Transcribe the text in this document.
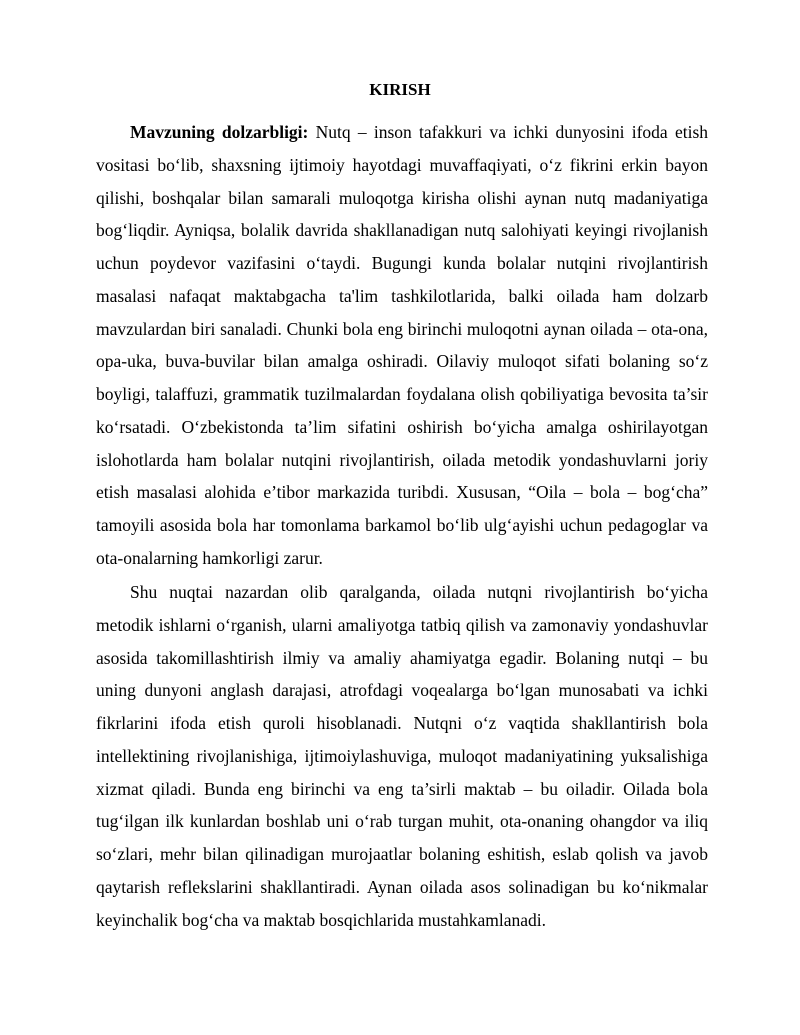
KIRISH

Mavzuning dolzarbligi: Nutq – inson tafakkuri va ichki dunyosini ifoda etish vositasi bo‘lib, shaxsning ijtimoiy hayotdagi muvaffaqiyati, o‘z fikrini erkin bayon qilishi, boshqalar bilan samarali muloqotga kirisha olishi aynan nutq madaniyatiga bog‘liqdir. Ayniqsa, bolalik davrida shakllanadigan nutq salohiyati keyingi rivojlanish uchun poydevor vazifasini o‘taydi. Bugungi kunda bolalar nutqini rivojlantirish masalasi nafaqat maktabgacha ta'lim tashkilotlarida, balki oilada ham dolzarb mavzulardan biri sanaladi. Chunki bola eng birinchi muloqotni aynan oilada – ota-ona, opa-uka, buva-buvilar bilan amalga oshiradi. Oilaviy muloqot sifati bolaning so‘z boyligi, talaffuzi, grammatik tuzilmalardan foydalana olish qobiliyatiga bevosita ta’sir ko‘rsatadi. O‘zbekistonda ta’lim sifatini oshirish bo‘yicha amalga oshirilayotgan islohotlarda ham bolalar nutqini rivojlantirish, oilada metodik yondashuvlarni joriy etish masalasi alohida e’tibor markazida turibdi. Xususan, “Oila – bola – bog‘cha” tamoyili asosida bola har tomonlama barkamol bo‘lib ulg‘ayishi uchun pedagoglar va ota-onalarning hamkorligi zarur.

Shu nuqtai nazardan olib qaralganda, oilada nutqni rivojlantirish bo‘yicha metodik ishlarni o‘rganish, ularni amaliyotga tatbiq qilish va zamonaviy yondashuvlar asosida takomillashtirish ilmiy va amaliy ahamiyatga egadir. Bolaning nutqi – bu uning dunyoni anglash darajasi, atrofdagi voqealarga bo‘lgan munosabati va ichki fikrlarini ifoda etish quroli hisoblanadi. Nutqni o‘z vaqtida shakllantirish bola intellektining rivojlanishiga, ijtimoiylashuviga, muloqot madaniyatining yuksalishiga xizmat qiladi. Bunda eng birinchi va eng ta’sirli maktab – bu oiladir. Oilada bola tug‘ilgan ilk kunlardan boshlab uni o‘rab turgan muhit, ota-onaning ohangdor va iliq so‘zlari, mehr bilan qilinadigan murojaatlar bolaning eshitish, eslab qolish va javob qaytarish reflekslarini shakllantiradi. Aynan oilada asos solinadigan bu ko‘nikmalar keyinchalik bog‘cha va maktab bosqichlarida mustahkamlanadi.
